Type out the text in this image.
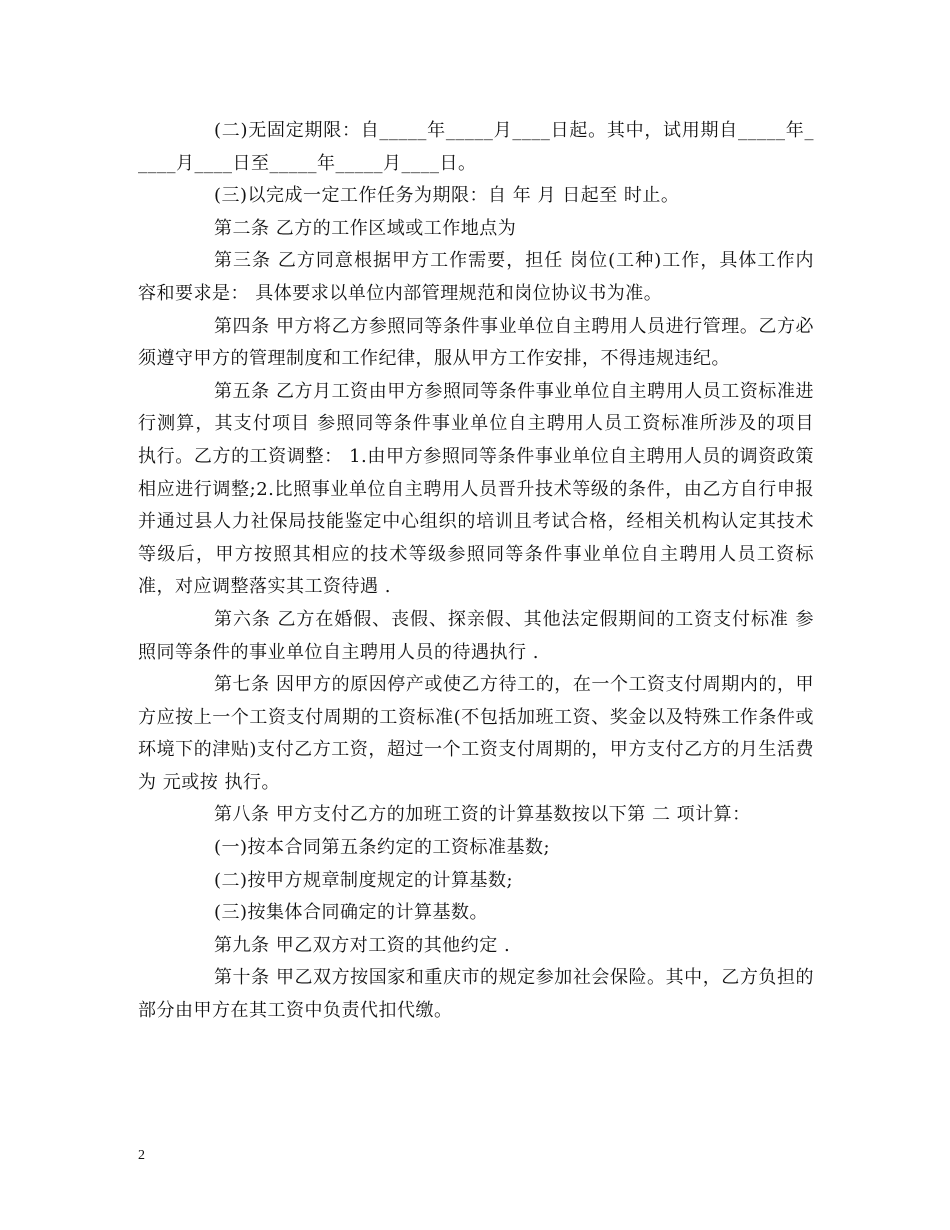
(二)无固定期限：自_____年_____月____日起。其中，试用期自_____年_____月____日至_____年_____月____日。

(三)以完成一定工作任务为期限：自 年 月 日起至 时止。

第二条 乙方的工作区域或工作地点为

第三条 乙方同意根据甲方工作需要，担任 岗位(工种)工作，具体工作内容和要求是： 具体要求以单位内部管理规范和岗位协议书为准。

第四条 甲方将乙方参照同等条件事业单位自主聘用人员进行管理。乙方必须遵守甲方的管理制度和工作纪律，服从甲方工作安排，不得违规违纪。

第五条 乙方月工资由甲方参照同等条件事业单位自主聘用人员工资标准进行测算，其支付项目 参照同等条件事业单位自主聘用人员工资标准所涉及的项目 执行。乙方的工资调整： 1.由甲方参照同等条件事业单位自主聘用人员的调资政策相应进行调整;2.比照事业单位自主聘用人员晋升技术等级的条件，由乙方自行申报并通过县人力社保局技能鉴定中心组织的培训且考试合格，经相关机构认定其技术等级后，甲方按照其相应的技术等级参照同等条件事业单位自主聘用人员工资标准，对应调整落实其工资待遇 .

第六条 乙方在婚假、丧假、探亲假、其他法定假期间的工资支付标准 参照同等条件的事业单位自主聘用人员的待遇执行 .

第七条 因甲方的原因停产或使乙方待工的，在一个工资支付周期内的，甲方应按上一个工资支付周期的工资标准(不包括加班工资、奖金以及特殊工作条件或环境下的津贴)支付乙方工资，超过一个工资支付周期的，甲方支付乙方的月生活费为 元或按 执行。

第八条 甲方支付乙方的加班工资的计算基数按以下第 二 项计算：

(一)按本合同第五条约定的工资标准基数;

(二)按甲方规章制度规定的计算基数;

(三)按集体合同确定的计算基数。

第九条 甲乙双方对工资的其他约定 .

第十条 甲乙双方按国家和重庆市的规定参加社会保险。其中，乙方负担的部分由甲方在其工资中负责代扣代缴。

2
